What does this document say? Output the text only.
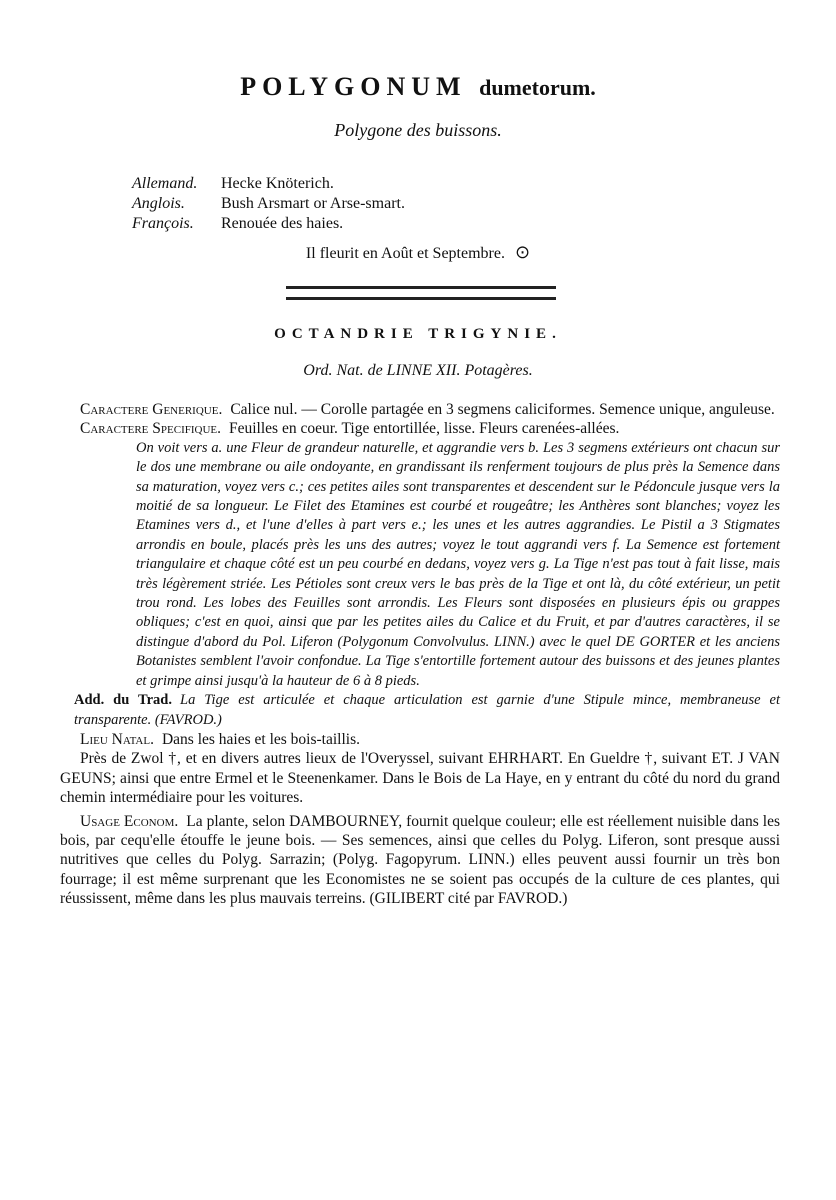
POLYGONUM dumetorum.
Polygone des buissons.
Allemand. Hecke Knöterich.
Anglois. Bush Arsmart or Arse-smart.
François. Renouée des haies.
Il fleurit en Août et Septembre. ⊙
OCTANDRIE TRIGYNIE.
Ord. Nat. de LINNE XII. Potagères.

Caractere Generique. Calice nul. — Corolle partagée en 3 segmens caliciformes. Semence unique, anguleuse.

Caractere Specifique. Feuilles en coeur. Tige entortillée, lisse. Fleurs carenées-allées.

On voit vers a. une Fleur de grandeur naturelle, et aggrandie vers b. Les 3 segmens extérieurs ont chacun sur le dos une membrane ou aile ondoyante, en grandissant ils renferment toujours de plus près la Semence dans sa maturation, voyez vers c.; ces petites ailes sont transparentes et descendent sur le Pédoncule jusque vers la moitié de sa longueur. Le Filet des Etamines est courbé et rougeâtre; les Anthères sont blanches; voyez les Etamines vers d., et l'une d'elles à part vers e.; les unes et les autres aggrandies. Le Pistil a 3 Stigmates arrondis en boule, placés près les uns des autres; voyez le tout aggrandi vers f. La Semence est fortement triangulaire et chaque côté est un peu courbé en dedans, voyez vers g. La Tige n'est pas tout à fait lisse, mais très légèrement striée. Les Pétioles sont creux vers le bas près de la Tige et ont là, du côté extérieur, un petit trou rond. Les lobes des Feuilles sont arrondis. Les Fleurs sont disposées en plusieurs épis ou grappes obliques; c'est en quoi, ainsi que par les petites ailes du Calice et du Fruit, et par d'autres caractères, il se distingue d'abord du Pol. Liferon (Polygonum Convolvulus. LINN.) avec le quel DE GORTER et les anciens Botanistes semblent l'avoir confondue. La Tige s'entortille fortement autour des buissons et des jeunes plantes et grimpe ainsi jusqu'à la hauteur de 6 à 8 pieds.

Add. du Trad. La Tige est articulée et chaque articulation est garnie d'une Stipule mince, membraneuse et transparente. (FAVROD.)

Lieu Natal. Dans les haies et les bois-taillis.

Près de Zwol †, et en divers autres lieux de l'Overyssel, suivant EHRHART. En Gueldre †, suivant ET. J VAN GEUNS; ainsi que entre Ermel et le Steenenkamer. Dans le Bois de La Haye, en y entrant du côté du nord du grand chemin intermédiaire pour les voitures.

Usage Econom. La plante, selon DAMBOURNEY, fournit quelque couleur; elle est réellement nuisible dans les bois, par cequ'elle étouffe le jeune bois. — Ses semences, ainsi que celles du Polyg. Liferon, sont presque aussi nutritives que celles du Polyg. Sarrazin; (Polyg. Fagopyrum. LINN.) elles peuvent aussi fournir un très bon fourrage; il est même surprenant que les Economistes ne se soient pas occupés de la culture de ces plantes, qui réussissent, même dans les plus mauvais terreins. (GILIBERT cité par FAVROD.)
